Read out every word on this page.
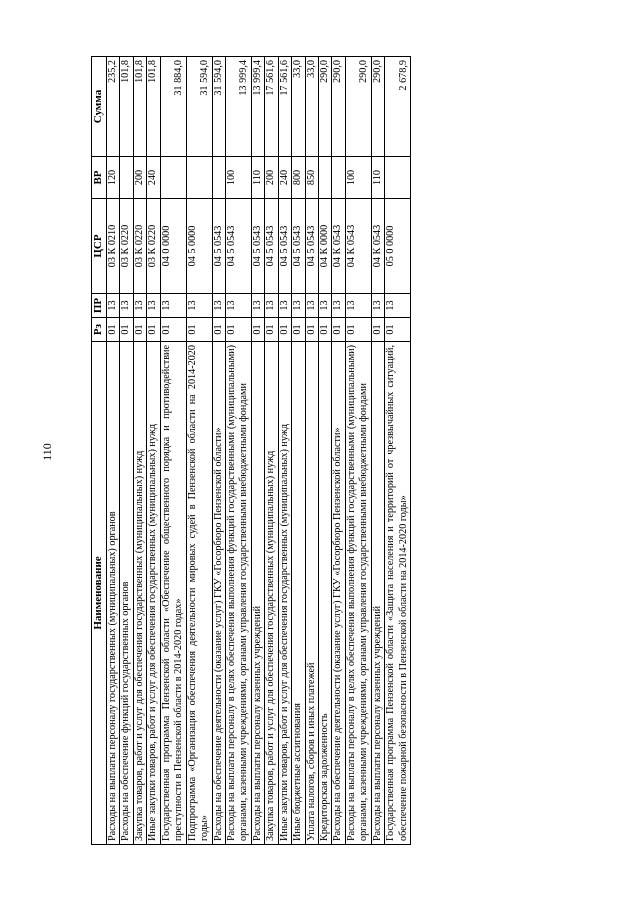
110
Наименование	Рз	ПР	ЦСР	ВР	Сумма
Расходы на выплаты персоналу государственных (муниципальных) органов	01	13	03 К 0210	120	235,2
Расходы на обеспечение функций государственных органов	01	13	03 К 0220		101,8
Закупка товаров, работ и услуг для обеспечения государственных (муниципальных) нужд	01	13	03 К 0220	200	101,8
Иные закупки товаров, работ и услуг для обеспечения государственных (муниципальных) нужд	01	13	03 К 0220	240	101,8
Государственная программа Пензенской области «Обеспечение общественного порядка и противодействие преступности в Пензенской области в 2014-2020 годах»	01	13	04 0 0000		31 884,0
Подпрограмма «Организация обеспечения деятельности мировых судей в Пензенской области на 2014-2020 годы»	01	13	04 5 0000		31 594,0
Расходы на обеспечение деятельности (оказание услуг) ГКУ «Госорбюро Пензенской области»	01	13	04 5 0543		31 594,0
Расходы на выплаты персоналу в целях обеспечения выполнения функций государственными (муниципальными) органами, казенными учреждениями, органами управления государственными внебюджетными фондами	01	13	04 5 0543	100	13 999,4
Расходы на выплаты персоналу казенных учреждений	01	13	04 5 0543	110	13 999,4
Закупка товаров, работ и услуг для обеспечения государственных (муниципальных) нужд	01	13	04 5 0543	200	17 561,6
Иные закупки товаров, работ и услуг для обеспечения государственных (муниципальных) нужд	01	13	04 5 0543	240	17 561,6
Иные бюджетные ассигнования	01	13	04 5 0543	800	33,0
Уплата налогов, сборов и иных платежей	01	13	04 5 0543	850	33,0
Кредиторская задолженность	01	13	04 К 0000		290,0
Расходы на обеспечение деятельности (оказание услуг) ГКУ «Госорбюро Пензенской области»	01	13	04 К 0543		290,0
Расходы на выплаты персоналу в целях обеспечения выполнения функций государственными (муниципальными) органами, казенными учреждениями, органами управления государственными внебюджетными фондами	01	13	04 К 0543	100	290,0
Расходы на выплаты персоналу казенных учреждений	01	13	04 К 0543	110	290,0
Государственная программа Пензенской области «Защита населения и территорий от чрезвычайных ситуаций, обеспечение пожарной безопасности в Пензенской области на 2014-2020 годы»	01	13	05 0 0000		2 678,9
